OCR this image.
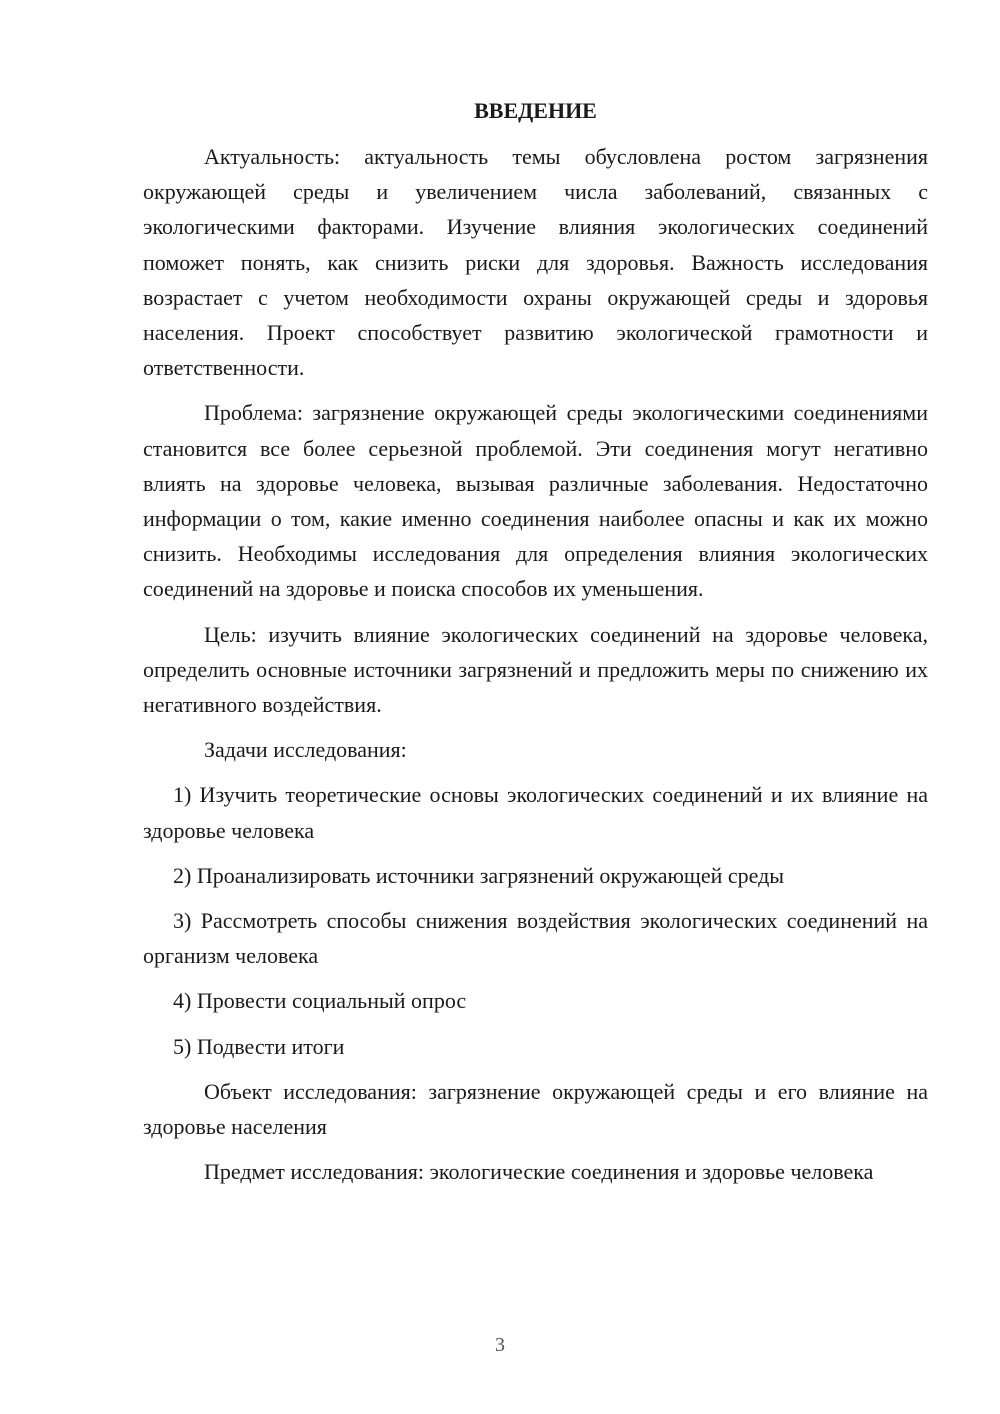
ВВЕДЕНИЕ
Актуальность: актуальность темы обусловлена ростом загрязнения окружающей среды и увеличением числа заболеваний, связанных с экологическими факторами. Изучение влияния экологических соединений поможет понять, как снизить риски для здоровья. Важность исследования возрастает с учетом необходимости охраны окружающей среды и здоровья населения. Проект способствует развитию экологической грамотности и ответственности.
Проблема: загрязнение окружающей среды экологическими соединениями становится все более серьезной проблемой. Эти соединения могут негативно влиять на здоровье человека, вызывая различные заболевания. Недостаточно информации о том, какие именно соединения наиболее опасны и как их можно снизить. Необходимы исследования для определения влияния экологических соединений на здоровье и поиска способов их уменьшения.
Цель: изучить влияние экологических соединений на здоровье человека, определить основные источники загрязнений и предложить меры по снижению их негативного воздействия.
Задачи исследования:
1) Изучить теоретические основы экологических соединений и их влияние на здоровье человека
2) Проанализировать источники загрязнений окружающей среды
3) Рассмотреть способы снижения воздействия экологических соединений на организм человека
4) Провести социальный опрос
5) Подвести итоги
Объект исследования: загрязнение окружающей среды и его влияние на здоровье населения
Предмет исследования: экологические соединения и здоровье человека
3
